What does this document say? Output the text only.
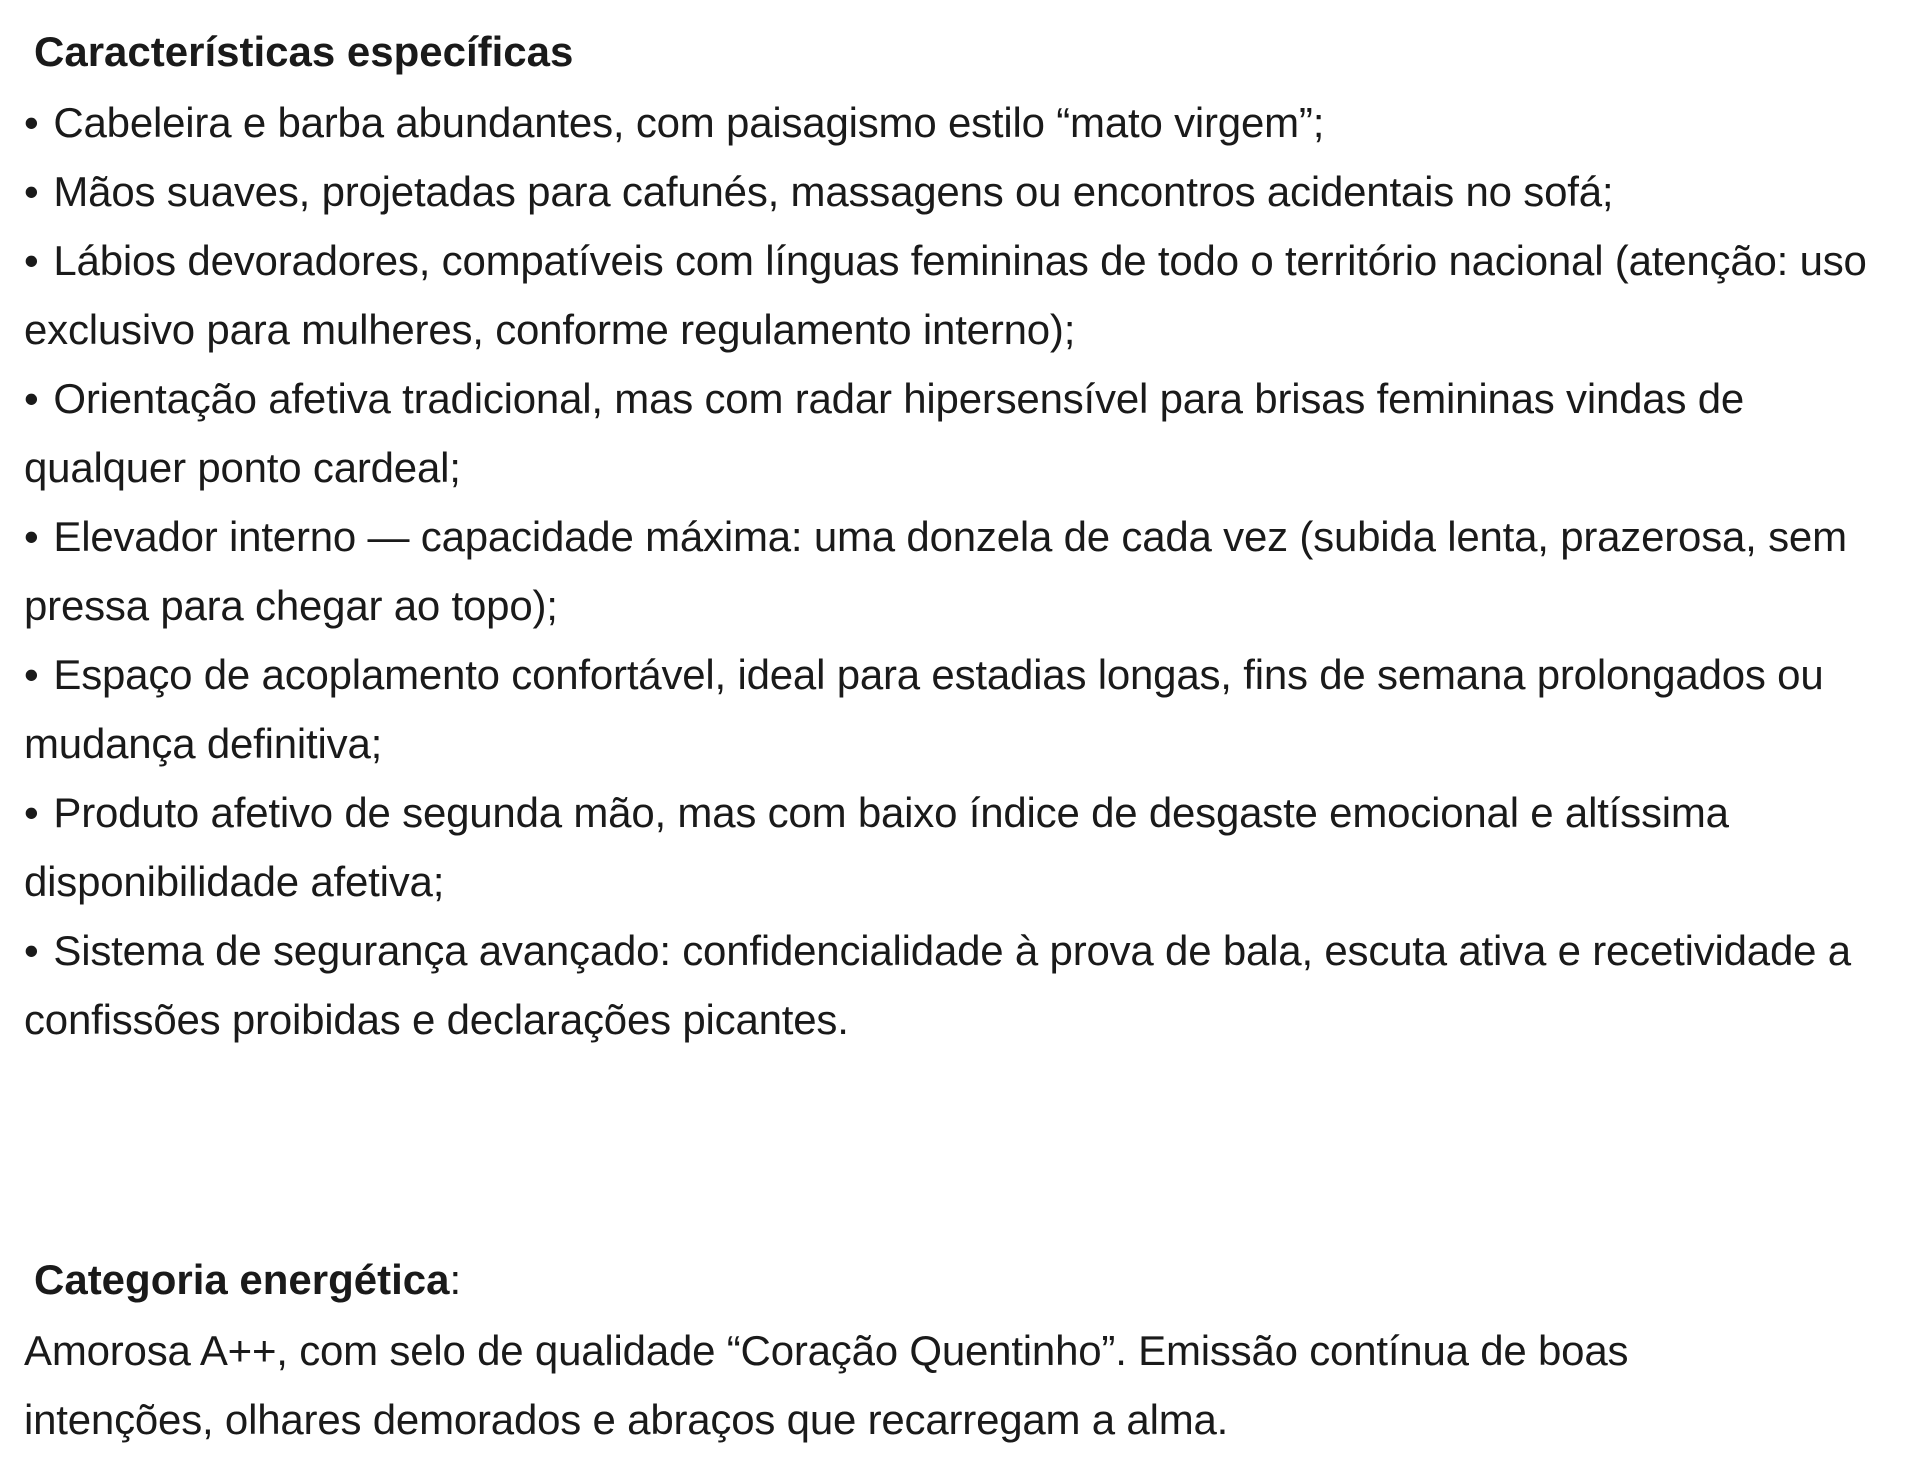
Características específicas
• Cabeleira e barba abundantes, com paisagismo estilo “mato virgem”;
• Mãos suaves, projetadas para cafunés, massagens ou encontros acidentais no sofá;
• Lábios devoradores, compatíveis com línguas femininas de todo o território nacional (atenção: uso exclusivo para mulheres, conforme regulamento interno);
• Orientação afetiva tradicional, mas com radar hipersensível para brisas femininas vindas de qualquer ponto cardeal;
• Elevador interno — capacidade máxima: uma donzela de cada vez (subida lenta, prazerosa, sem pressa para chegar ao topo);
• Espaço de acoplamento confortável, ideal para estadias longas, fins de semana prolongados ou mudança definitiva;
• Produto afetivo de segunda mão, mas com baixo índice de desgaste emocional e altíssima disponibilidade afetiva;
• Sistema de segurança avançado: confidencialidade à prova de bala, escuta ativa e recetividade a confissões proibidas e declarações picantes.
Categoria energética:

Amorosa A++, com selo de qualidade “Coração Quentinho”. Emissão contínua de boas intenções, olhares demorados e abraços que recarregam a alma.
